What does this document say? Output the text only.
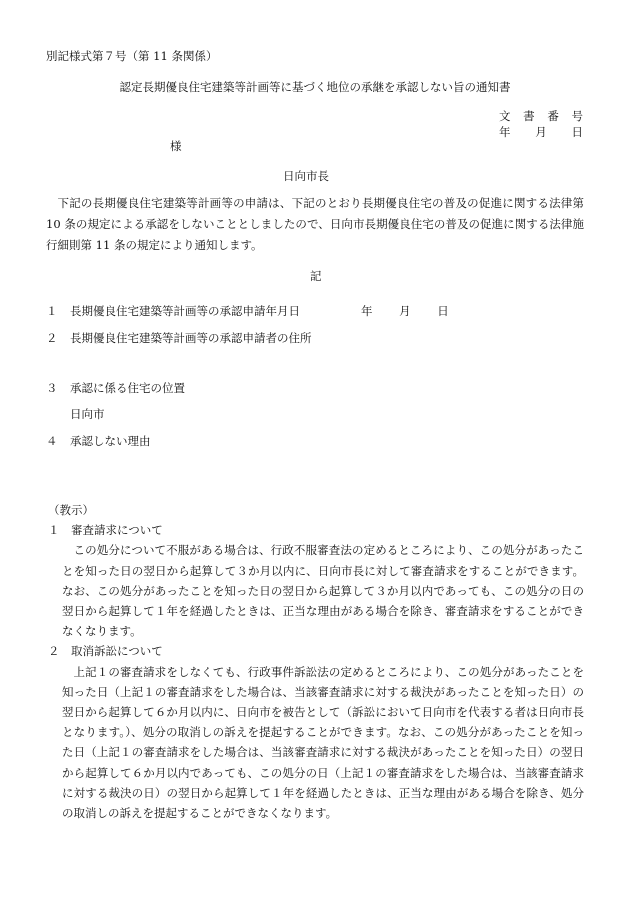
別記様式第７号（第 11 条関係）
認定長期優良住宅建築等計画等に基づく地位の承継を承認しない旨の通知書
文 書 番 号
年 　月 　日
様
日向市長
下記の長期優良住宅建築等計画等の申請は、下記のとおり長期優良住宅の普及の促進に関する法律第 10 条の規定による承認をしないこととしましたので、日向市長期優良住宅の普及の促進に関する法律施行細則第 11 条の規定により通知します。
記
１ 長期優良住宅建築等計画等の承認申請年月日	年 　　月 　　日
２ 長期優良住宅建築等計画等の承認申請者の住所
３ 承認に係る住宅の位置
日向市
４ 承認しない理由
（教示）
１　審査請求について
この処分について不服がある場合は、行政不服審査法の定めるところにより、この処分があったことを知った日の翌日から起算して３か月以内に、日向市長に対して審査請求をすることができます。なお、この処分があったことを知った日の翌日から起算して３か月以内であっても、この処分の日の翌日から起算して１年を経過したときは、正当な理由がある場合を除き、審査請求をすることができなくなります。
２　取消訴訟について
上記１の審査請求をしなくても、行政事件訴訟法の定めるところにより、この処分があったことを知った日（上記１の審査請求をした場合は、当該審査請求に対する裁決があったことを知った日）の翌日から起算して６か月以内に、日向市を被告として（訴訟において日向市を代表する者は日向市長となります。）、処分の取消しの訴えを提起することができます。なお、この処分があったことを知った日（上記１の審査請求をした場合は、当該審査請求に対する裁決があったことを知った日）の翌日から起算して６か月以内であっても、この処分の日（上記１の審査請求をした場合は、当該審査請求に対する裁決の日）の翌日から起算して１年を経過したときは、正当な理由がある場合を除き、処分の取消しの訴えを提起することができなくなります。
